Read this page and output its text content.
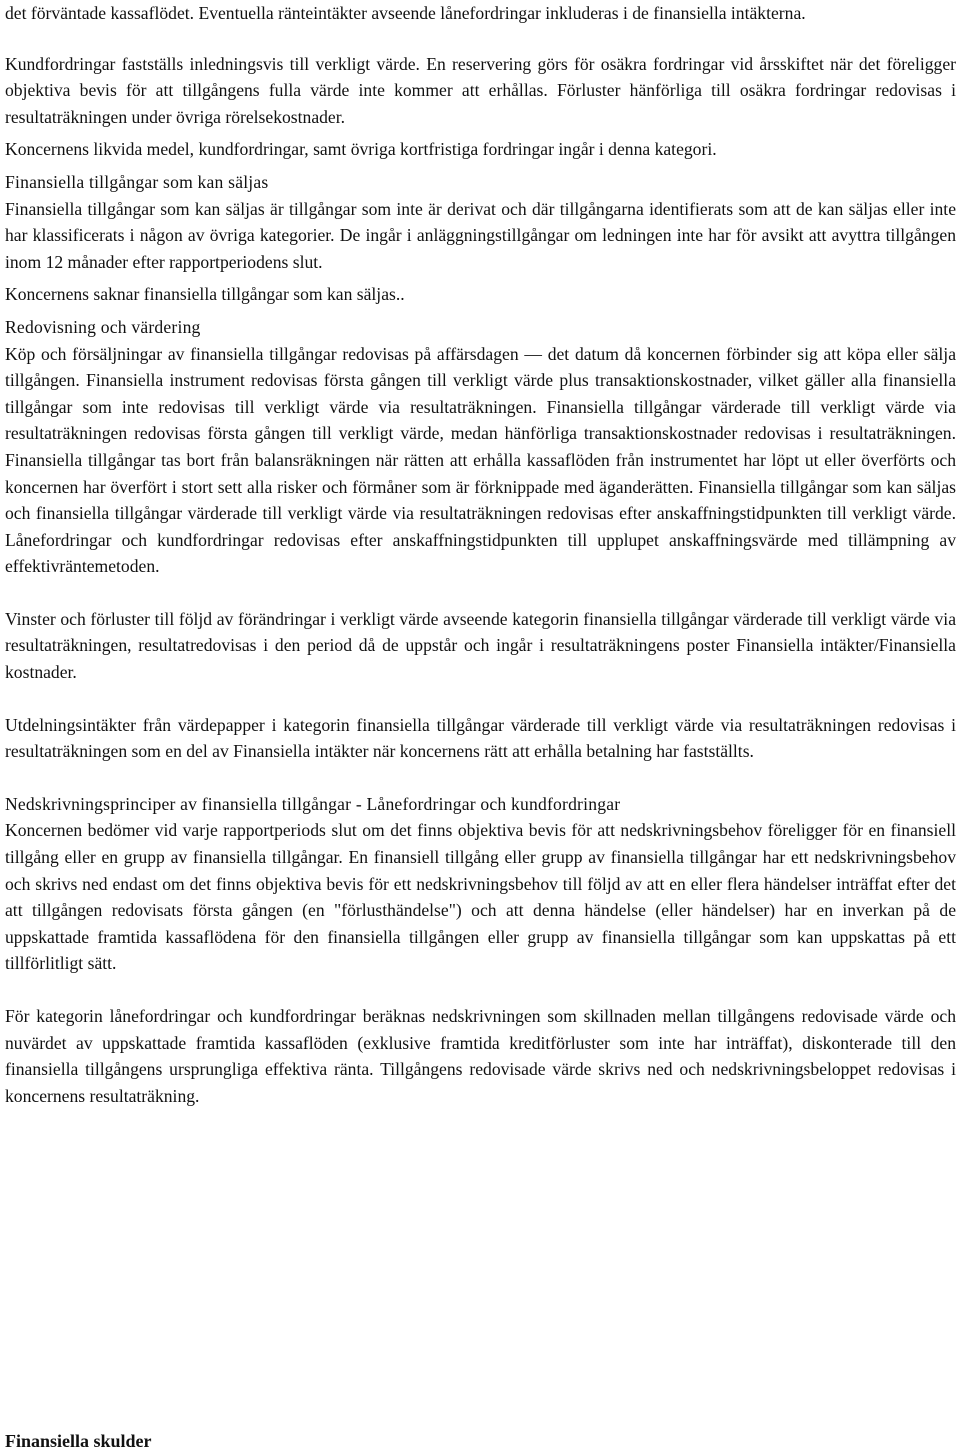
det förväntade kassaflödet. Eventuella ränteintäkter avseende lånefordringar inkluderas i de finansiella intäkterna.

Kundfordringar fastställs inledningsvis till verkligt värde. En reservering görs för osäkra fordringar vid årsskiftet när det föreligger objektiva bevis för att tillgångens fulla värde inte kommer att erhållas. Förluster hänförliga till osäkra fordringar redovisas i resultaträkningen under övriga rörelsekostnader.

Koncernens likvida medel, kundfordringar, samt övriga kortfristiga fordringar ingår i denna kategori.

Finansiella tillgångar som kan säljas

Finansiella tillgångar som kan säljas är tillgångar som inte är derivat och där tillgångarna identifierats som att de kan säljas eller inte har klassificerats i någon av övriga kategorier. De ingår i anläggningstillgångar om ledningen inte har för avsikt att avyttra tillgången inom 12 månader efter rapportperiodens slut.

Koncernens saknar finansiella tillgångar som kan säljas..

Redovisning och värdering

Köp och försäljningar av finansiella tillgångar redovisas på affärsdagen — det datum då koncernen förbinder sig att köpa eller sälja tillgången. Finansiella instrument redovisas första gången till verkligt värde plus transaktionskostnader, vilket gäller alla finansiella tillgångar som inte redovisas till verkligt värde via resultaträkningen. Finansiella tillgångar värderade till verkligt värde via resultaträkningen redovisas första gången till verkligt värde, medan hänförliga transaktionskostnader redovisas i resultaträkningen. Finansiella tillgångar tas bort från balansräkningen när rätten att erhålla kassaflöden från instrumentet har löpt ut eller överförts och koncernen har överfört i stort sett alla risker och förmåner som är förknippade med äganderätten. Finansiella tillgångar som kan säljas och finansiella tillgångar värderade till verkligt värde via resultaträkningen redovisas efter anskaffningstidpunkten till verkligt värde. Lånefordringar och kundfordringar redovisas efter anskaffningstidpunkten till upplupet anskaffningsvärde med tillämpning av effektivräntemetoden.

Vinster och förluster till följd av förändringar i verkligt värde avseende kategorin finansiella tillgångar värderade till verkligt värde via resultaträkningen, resultatredovisas i den period då de uppstår och ingår i resultaträkningens poster Finansiella intäkter/Finansiella kostnader.

Utdelningsintäkter från värdepapper i kategorin finansiella tillgångar värderade till verkligt värde via resultaträkningen redovisas i resultaträkningen som en del av Finansiella intäkter när koncernens rätt att erhålla betalning har fastställts.

Nedskrivningsprinciper av finansiella tillgångar - Lånefordringar och kundfordringar

Koncernen bedömer vid varje rapportperiods slut om det finns objektiva bevis för att nedskrivningsbehov föreligger för en finansiell tillgång eller en grupp av finansiella tillgångar. En finansiell tillgång eller grupp av finansiella tillgångar har ett nedskrivningsbehov och skrivs ned endast om det finns objektiva bevis för ett nedskrivningsbehov till följd av att en eller flera händelser inträffat efter det att tillgången redovisats första gången (en "förlusthändelse") och att denna händelse (eller händelser) har en inverkan på de uppskattade framtida kassaflödena för den finansiella tillgången eller grupp av finansiella tillgångar som kan uppskattas på ett tillförlitligt sätt.

För kategorin lånefordringar och kundfordringar beräknas nedskrivningen som skillnaden mellan tillgångens redovisade värde och nuvärdet av uppskattade framtida kassaflöden (exklusive framtida kreditförluster som inte har inträffat), diskonterade till den finansiella tillgångens ursprungliga effektiva ränta. Tillgångens redovisade värde skrivs ned och nedskrivningsbeloppet redovisas i koncernens resultaträkning.

Finansiella skulder
